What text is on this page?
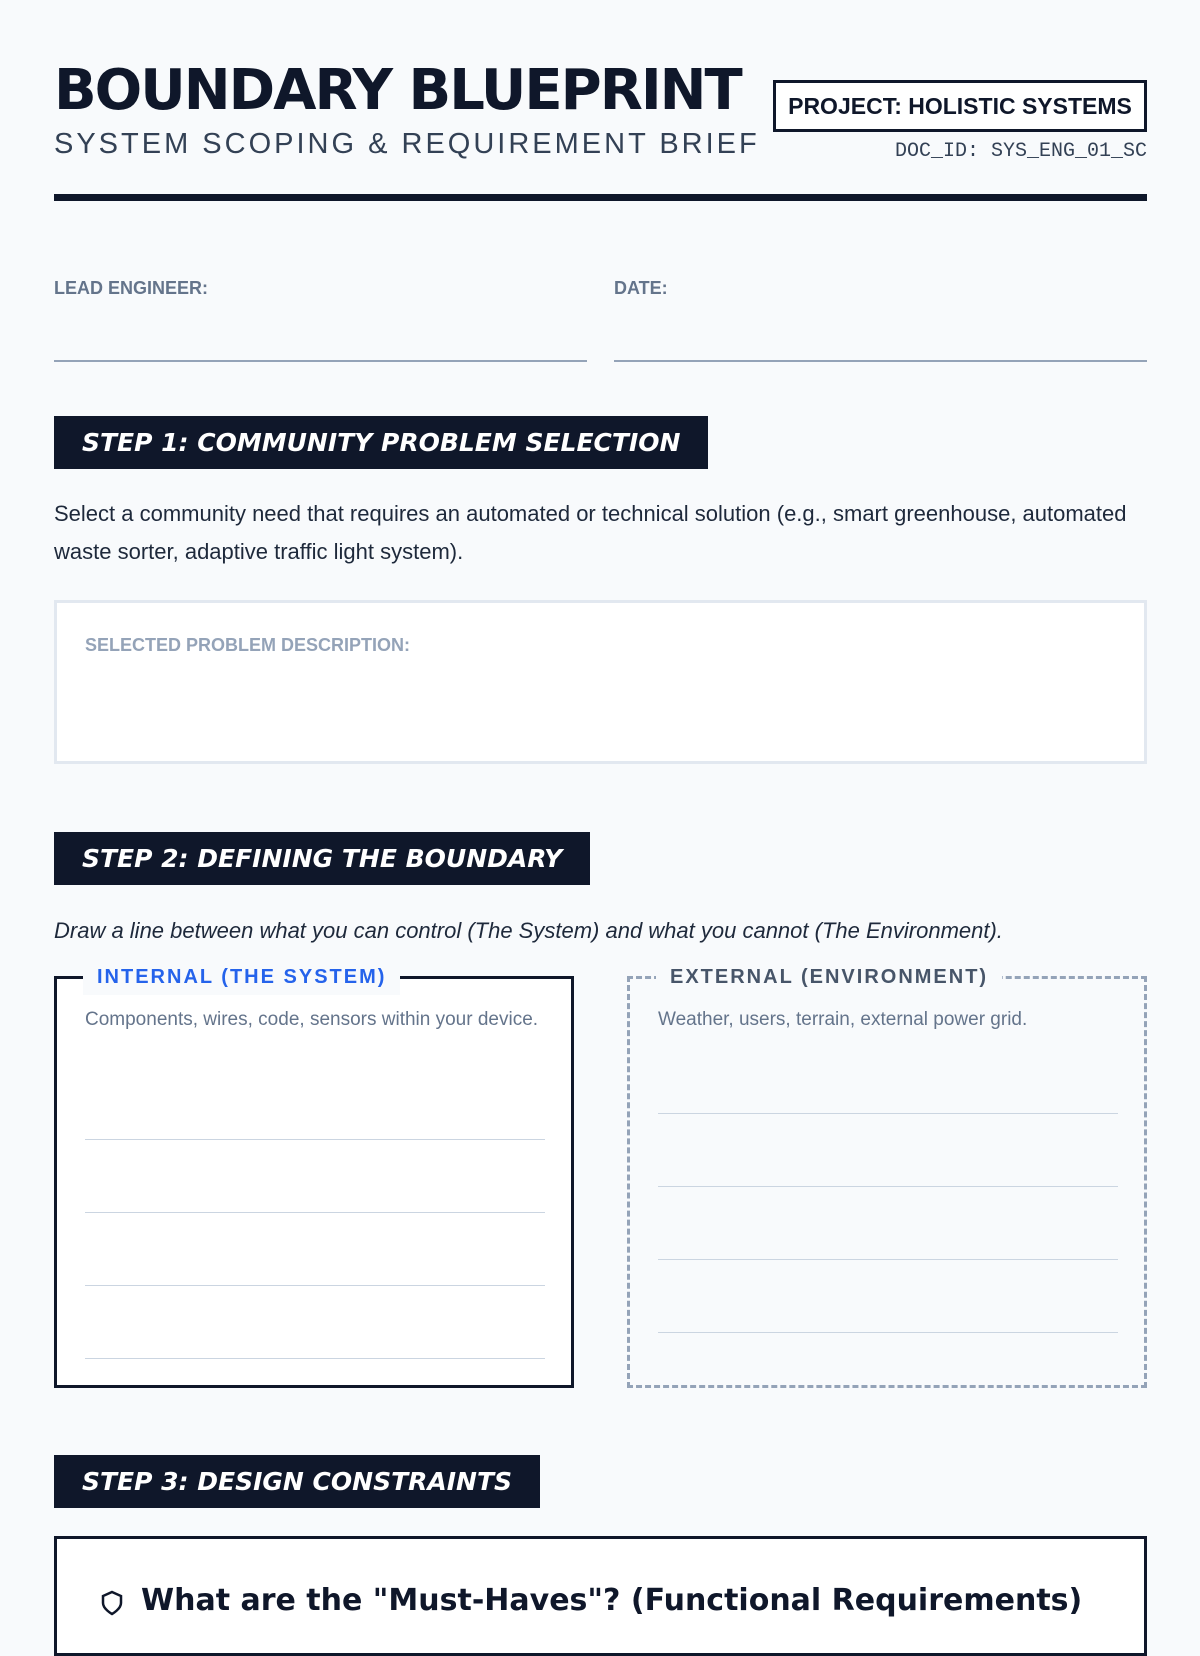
BOUNDARY BLUEPRINT
SYSTEM SCOPING & REQUIREMENT BRIEF
PROJECT: HOLISTIC SYSTEMS
DOC_ID: SYS_ENG_01_SC
LEAD ENGINEER:	DATE:
STEP 1: COMMUNITY PROBLEM SELECTION
Select a community need that requires an automated or technical solution (e.g., smart greenhouse, automated waste sorter, adaptive traffic light system).
SELECTED PROBLEM DESCRIPTION:
STEP 2: DEFINING THE BOUNDARY
Draw a line between what you can control (The System) and what you cannot (The Environment).
INTERNAL (THE SYSTEM)
Components, wires, code, sensors within your device.
EXTERNAL (ENVIRONMENT)
Weather, users, terrain, external power grid.
STEP 3: DESIGN CONSTRAINTS
What are the "Must-Haves"? (Functional Requirements)
